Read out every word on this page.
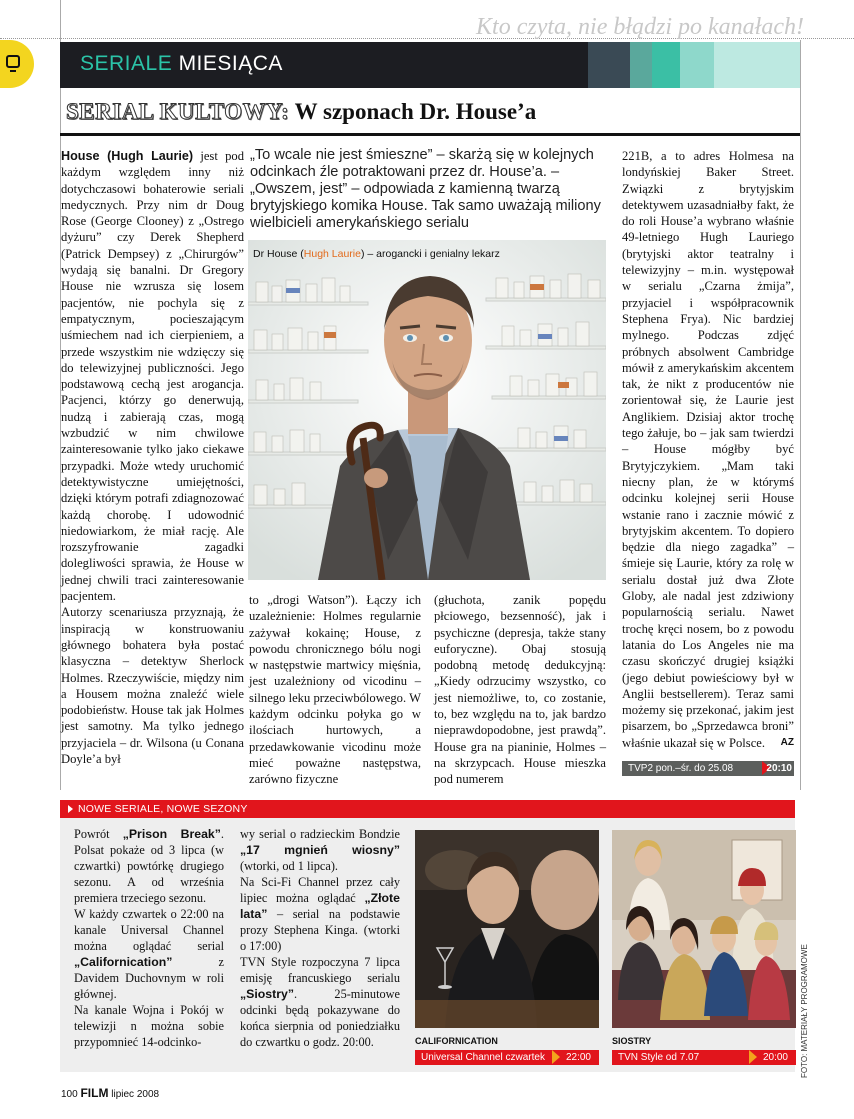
Kto czyta, nie błądzi po kanałach!
SERIALE MIESIĄCA
SERIAL KULTOWY: W szponach Dr. House’a

House (Hugh Laurie) jest pod każdym względem inny niż dotychczasowi bohaterowie seriali medycznych. Przy nim dr Doug Rose (George Clooney) z „Ostrego dyżuru” czy Derek Shepherd (Patrick Dempsey) z „Chirurgów” wydają się banalni. Dr Gregory House nie wzrusza się losem pacjentów, nie pochyla się z empatycznym, pocieszającym uśmiechem nad ich cierpieniem, a przede wszystkim nie wdzięczy się do telewizyjnej publiczności. Jego podstawową cechą jest arogancja. Pacjenci, którzy go denerwują, nudzą i zabierają czas, mogą wzbudzić w nim chwilowe zainteresowanie tylko jako ciekawe przypadki. Może wtedy uruchomić detektywistyczne umiejętności, dzięki którym potrafi zdiagnozować każdą chorobę. I udowodnić niedowiarkom, że miał rację. Ale rozszyfrowanie zagadki dolegliwości sprawia, że House w jednej chwili traci zainteresowanie pacjentem.

Autorzy scenariusza przyznają, że inspiracją w konstruowaniu głównego bohatera była postać klasyczna – detektyw Sherlock Holmes. Rzeczywiście, między nim a Housem można znaleźć wiele podobieństw. House tak jak Holmes jest samotny. Ma tylko jednego przyjaciela – dr. Wilsona (u Conana Doyle’a był

„To wcale nie jest śmieszne” – skarżą się w kolejnych odcinkach źle potraktowani przez dr. House’a. – „Owszem, jest” – odpowiada z kamienną twarzą brytyjskiego komika House. Tak samo uważają miliony wielbicieli amerykańskiego serialu
Dr House (Hugh Laurie) – arogancki i genialny lekarz
to „drogi Watson”). Łączy ich uzależnienie: Holmes regularnie zażywał kokainę; House, z powodu chronicznego bólu nogi w następstwie martwicy mięśnia, jest uzależniony od vicodinu – silnego leku przeciwbólowego. W każdym odcinku połyka go w ilościach hurtowych, a przedawkowanie vicodinu może mieć poważne następstwa, zarówno fizyczne
(głuchota, zanik popędu płciowego, bezsenność), jak i psychiczne (depresja, także stany euforyczne). Obaj stosują podobną metodę dedukcyjną: „Kiedy odrzucimy wszystko, co jest niemożliwe, to, co zostanie, to, bez względu na to, jak bardzo nieprawdopodobne, jest prawdą”. House gra na pianinie, Holmes – na skrzypcach. House mieszka pod numerem
221B, a to adres Holmesa na londyńskiej Baker Street. Związki z brytyjskim detektywem uzasadniałby fakt, że do roli House’a wybrano właśnie 49-letniego Hugh Lauriego (brytyjski aktor teatralny i telewizyjny – m.in. występował w serialu „Czarna żmija”, przyjaciel i współpracownik Stephena Frya). Nic bardziej mylnego. Podczas zdjęć próbnych absolwent Cambridge mówił z amerykańskim akcentem tak, że nikt z producentów nie zorientował się, że Laurie jest Anglikiem. Dzisiaj aktor trochę tego żałuje, bo – jak sam twierdzi – House mógłby być Brytyjczykiem. „Mam taki niecny plan, że w którymś odcinku kolejnej serii House wstanie rano i zacznie mówić z brytyjskim akcentem. To dopiero będzie dla niego zagadka” – śmieje się Laurie, który za rolę w serialu dostał już dwa Złote Globy, ale nadal jest zdziwiony popularnością serialu. Nawet trochę kręci nosem, bo z powodu latania do Los Angeles nie ma czasu skończyć drugiej książki (jego debiut powieściowy był w Anglii bestsellerem). Teraz sami możemy się przekonać, jakim jest pisarzem, bo „Sprzedawca broni” właśnie ukazał się w Polsce. AZ
TVP2 pon.–śr. do 25.08	20:10
NOWE SERIALE, NOWE SEZONY
Powrót „Prison Break”. Polsat pokaże od 3 lipca (w czwartki) powtórkę drugiego sezonu. A od września premiera trzeciego sezonu.
W każdy czwartek o 22:00 na kanale Universal Channel można oglądać serial „Californication” z Davidem Duchovnym w roli głównej.
Na kanale Wojna i Pokój w telewizji n można sobie przypomnieć 14-odcinko-
wy serial o radzieckim Bondzie „17 mgnień wiosny” (wtorki, od 1 lipca).
Na Sci-Fi Channel przez cały lipiec można oglądać „Złote lata” – serial na podstawie prozy Stephena Kinga. (wtorki o 17:00)
TVN Style rozpoczyna 7 lipca emisję francuskiego serialu „Siostry”. 25-minutowe odcinki będą pokazywane do końca sierpnia od poniedziałku do czwartku o godz. 20:00.	CALIFORNICATION
Universal Channel czwartek 22:00
SIOSTRY
TVN Style od 7.07	20:00 FOTO: MATERIAŁY PROGRAMOWE
100 FILM lipiec 2008
